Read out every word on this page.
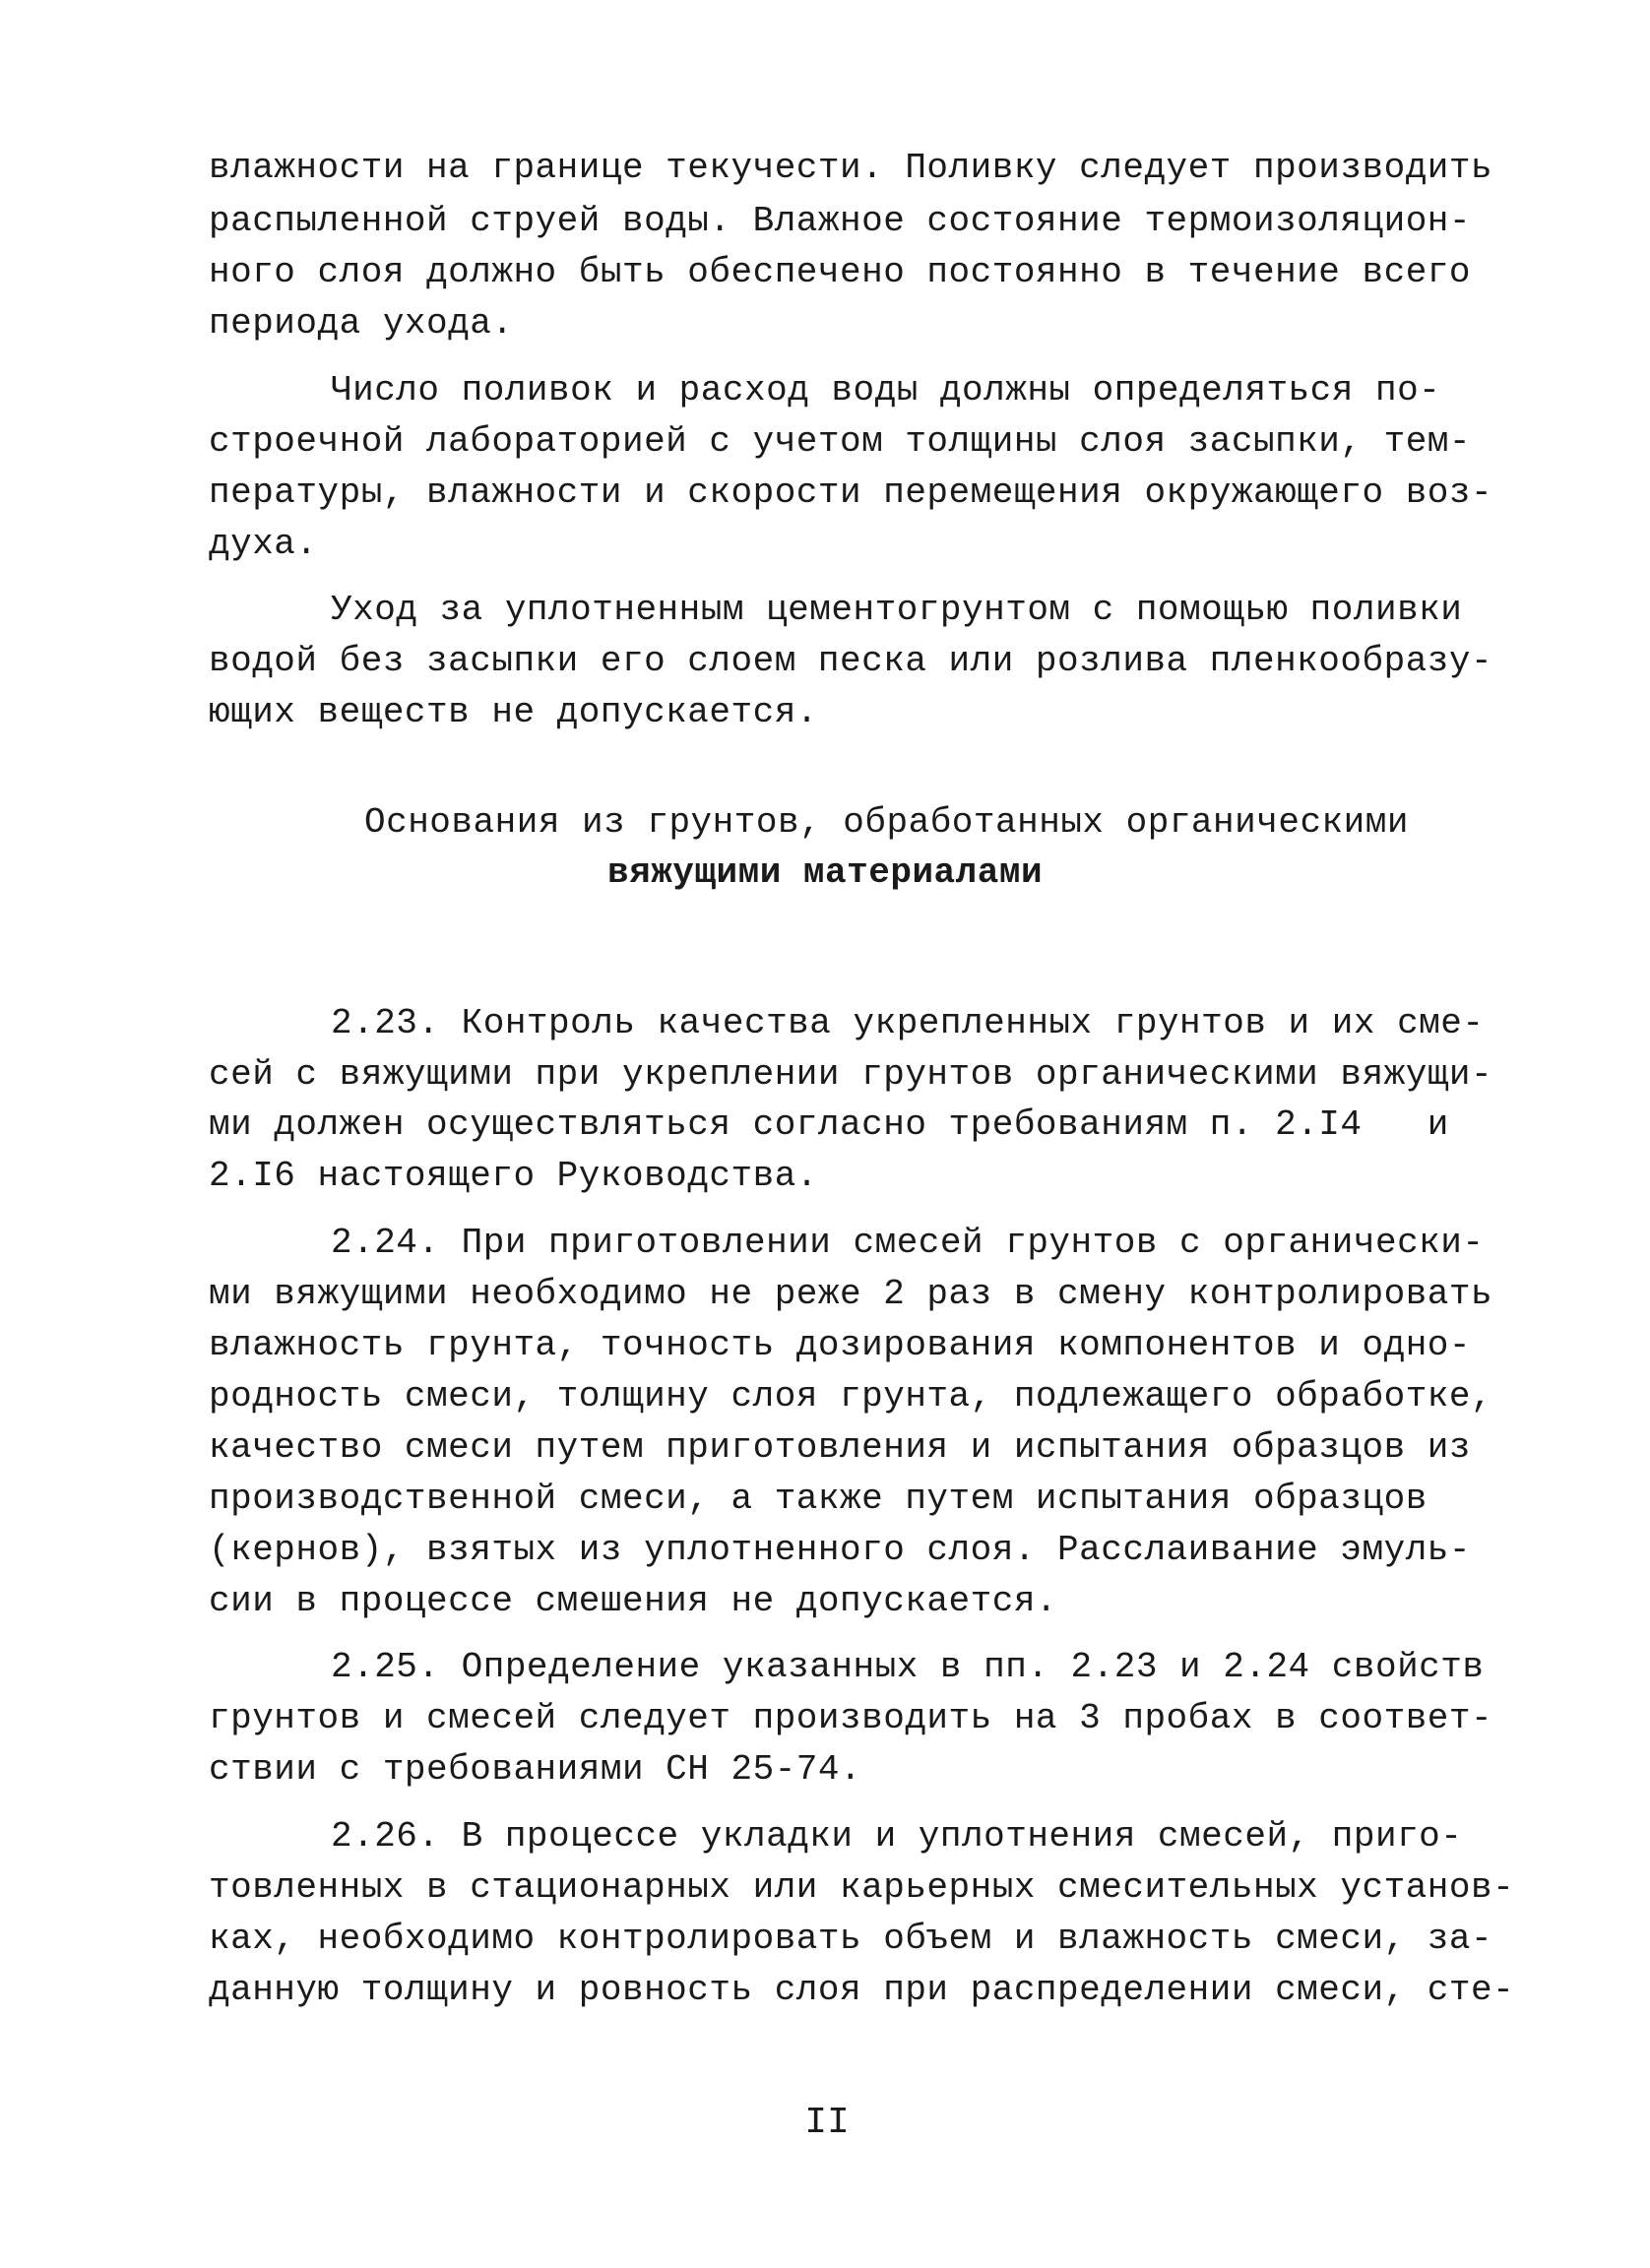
влажности на границе текучести. Поливку следует производить
распыленной струей воды. Влажное состояние термоизоляцион-
ного слоя должно быть обеспечено постоянно в течение всего
периода ухода.
Число поливок и расход воды должны определяться по-
строечной лабораторией с учетом толщины слоя засыпки, тем-
пературы, влажности и скорости перемещения окружающего воз-
духа.
Уход за уплотненным цементогрунтом с помощью поливки
водой без засыпки его слоем песка или розлива пленкообразу-
ющих веществ не допускается.
Основания из грунтов, обработанных органическими
вяжущими материалами
2.23. Контроль качества укрепленных грунтов и их сме-
сей с вяжущими при укреплении грунтов органическими вяжущи-
ми должен осуществляться согласно требованиям п. 2.I4   и
2.I6 настоящего Руководства.
2.24. При приготовлении смесей грунтов с органически-
ми вяжущими необходимо не реже 2 раз в смену контролировать
влажность грунта, точность дозирования компонентов и одно-
родность смеси, толщину слоя грунта, подлежащего обработке,
качество смеси путем приготовления и испытания образцов из
производственной смеси, а также путем испытания образцов
(кернов), взятых из уплотненного слоя. Расслаивание эмуль-
сии в процессе смешения не допускается.
2.25. Определение указанных в пп. 2.23 и 2.24 свойств
грунтов и смесей следует производить на 3 пробах в соответ-
ствии с требованиями СН 25-74.
2.26. В процессе укладки и уплотнения смесей, приго-
товленных в стационарных или карьерных смесительных установ-
ках, необходимо контролировать объем и влажность смеси, за-
данную толщину и ровность слоя при распределении смеси, сте-
II
